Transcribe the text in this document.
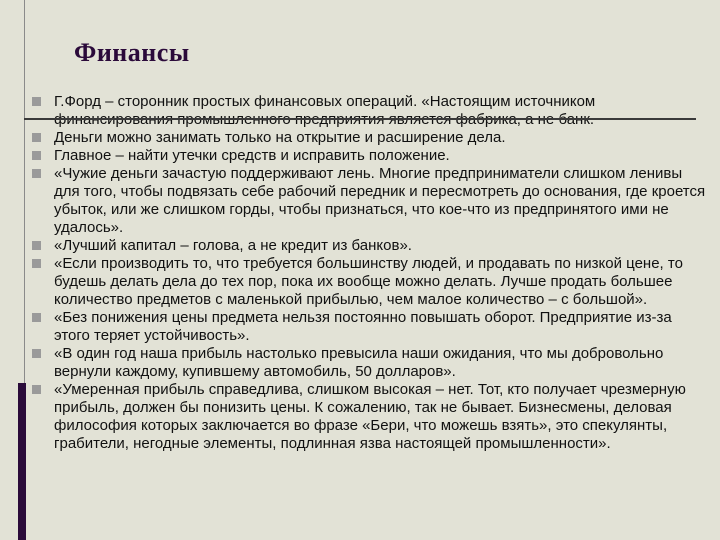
Финансы
Г.Форд – сторонник простых финансовых операций. «Настоящим источником
Деньги можно занимать только на открытие и расширение дела.
Главное – найти утечки средств и исправить положение.
«Чужие деньги зачастую поддерживают лень. Многие предприниматели слишком ленивы для того, чтобы подвязать себе рабочий передник и пересмотреть до основания, где кроется убыток, или же слишком горды, чтобы признаться, что кое-что из предпринятого ими не удалось».
«Лучший капитал – голова, а не кредит из банков».
«Если производить то, что требуется большинству людей, и продавать по низкой цене, то будешь делать дела до тех пор, пока их вообще можно делать. Лучше продать большее количество предметов с маленькой прибылью, чем малое количество – с большой».
«Без понижения цены предмета нельзя постоянно повышать оборот. Предприятие из-за этого теряет устойчивость».
«В один год наша прибыль настолько превысила наши ожидания, что мы добровольно вернули каждому, купившему автомобиль, 50 долларов».
«Умеренная прибыль справедлива, слишком высокая – нет. Тот, кто получает чрезмерную прибыль, должен бы понизить цены. К сожалению, так не бывает. Бизнесмены, деловая философия которых заключается во фразе «Бери, что можешь взять», это спекулянты, грабители, негодные элементы, подлинная язва настоящей промышленности».
